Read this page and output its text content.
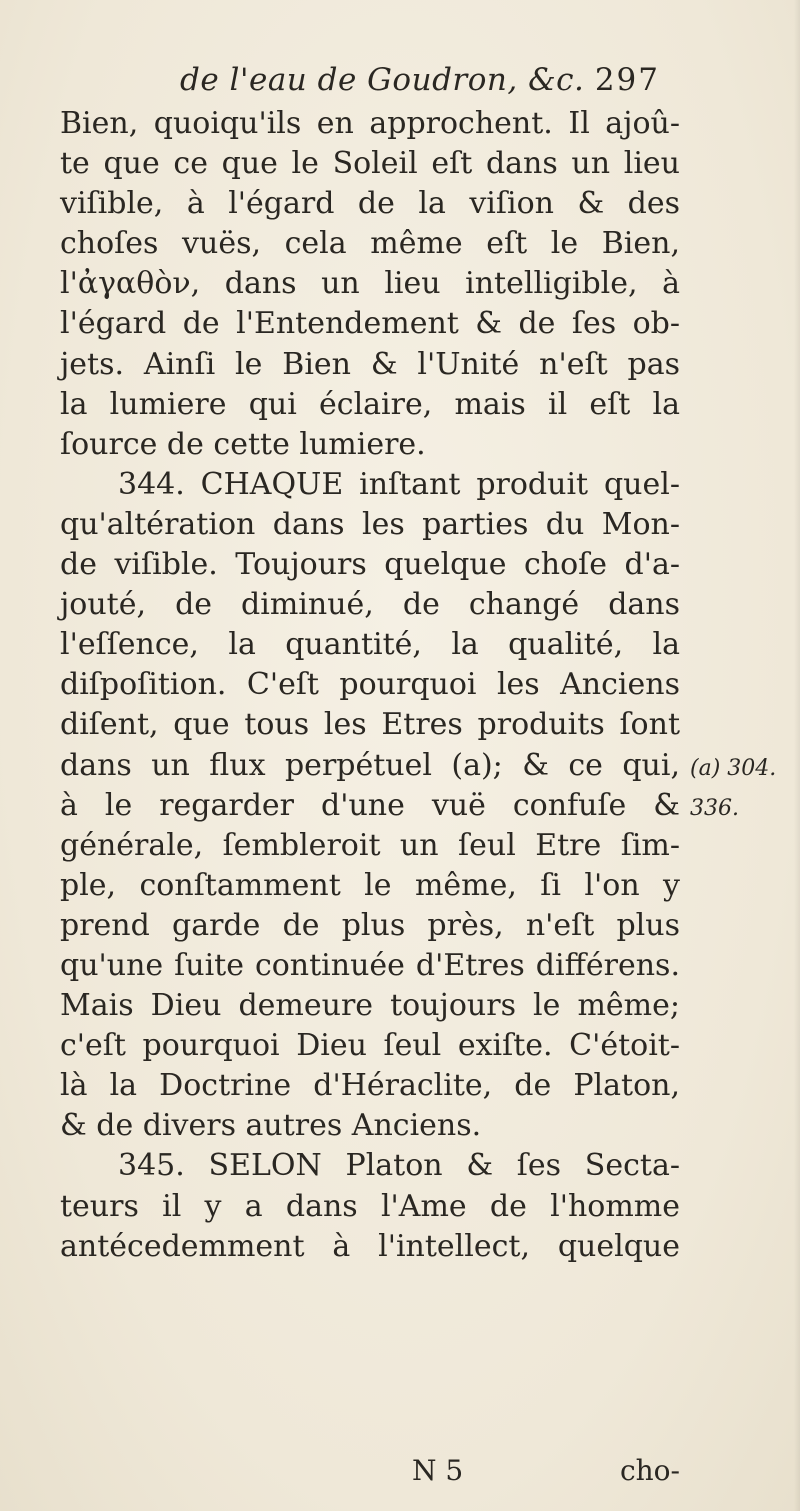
de l'eau de Goudron, &c. 297
Bien, quoiqu'ils en approchent. Il ajoû-
te que ce que le Soleil eſt dans un lieu
viſible, à l'égard de la viſion & des
choſes vuës, cela même eſt le Bien,
l'ἀγαθὸν, dans un lieu intelligible, à
l'égard de l'Entendement & de ſes ob-
jets. Ainſi le Bien & l'Unité n'eſt pas
la lumiere qui éclaire, mais il eſt la
ſource de cette lumiere.
344. CHAQUE inſtant produit quel-
qu'altération dans les parties du Mon-
de viſible. Toujours quelque choſe d'a-
jouté, de diminué, de changé dans
l'eſſence, la quantité, la qualité, la
diſpoſition. C'eſt pourquoi les Anciens
diſent, que tous les Etres produits ſont
dans un flux perpétuel (a); & ce qui,
à le regarder d'une vuë confuſe &
générale, ſembleroit un ſeul Etre ſim-
ple, conſtamment le même, ſi l'on y
prend garde de plus près, n'eſt plus
qu'une ſuite continuée d'Etres différens.
Mais Dieu demeure toujours le même;
c'eſt pourquoi Dieu ſeul exiſte. C'étoit-
là la Doctrine d'Héraclite, de Platon,
& de divers autres Anciens.
345. SELON Platon & ſes Secta-
teurs il y a dans l'Ame de l'homme
antécedemment à l'intellect, quelque
(a) 304.
336.
N 5	cho-
